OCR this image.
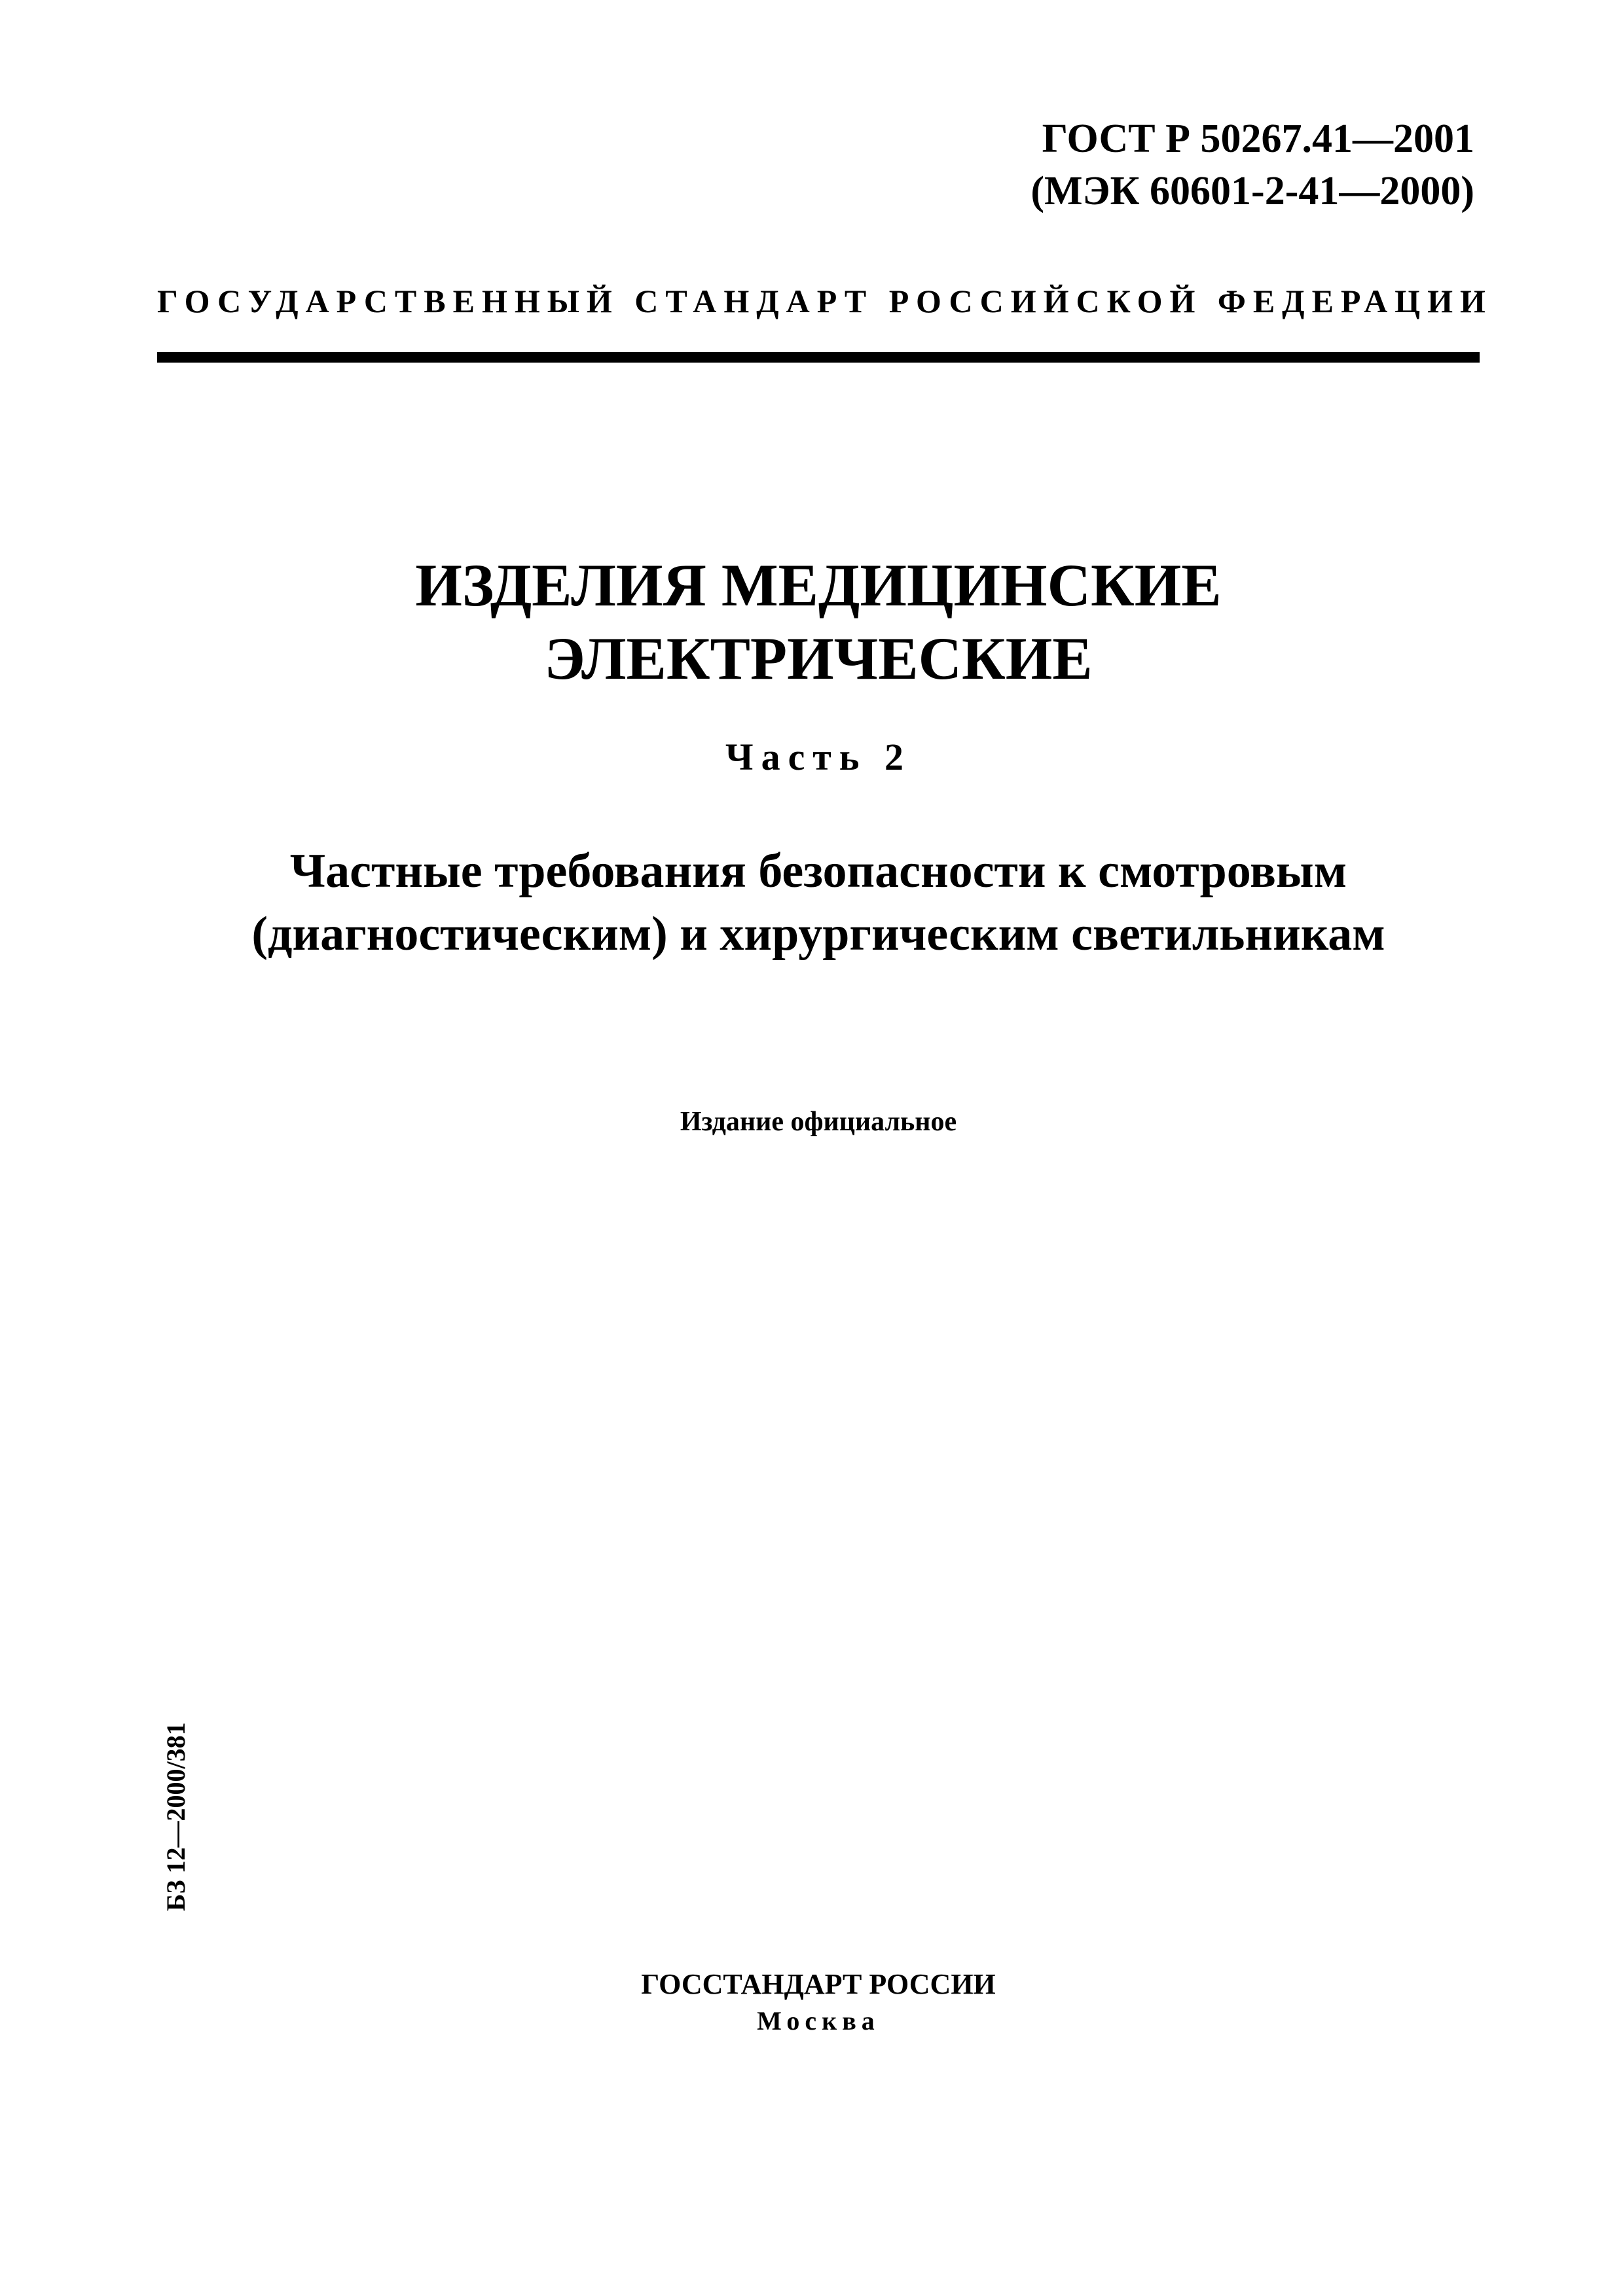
ГОСТ Р 50267.41—2001
(МЭК 60601-2-41—2000)
ГОСУДАРСТВЕННЫЙ СТАНДАРТ РОССИЙСКОЙ ФЕДЕРАЦИИ
ИЗДЕЛИЯ МЕДИЦИНСКИЕ
ЭЛЕКТРИЧЕСКИЕ
Часть 2
Частные требования безопасности к смотровым
(диагностическим) и хирургическим светильникам
Издание официальное
БЗ 12—2000/381
ГОССТАНДАРТ РОССИИ
Москва
